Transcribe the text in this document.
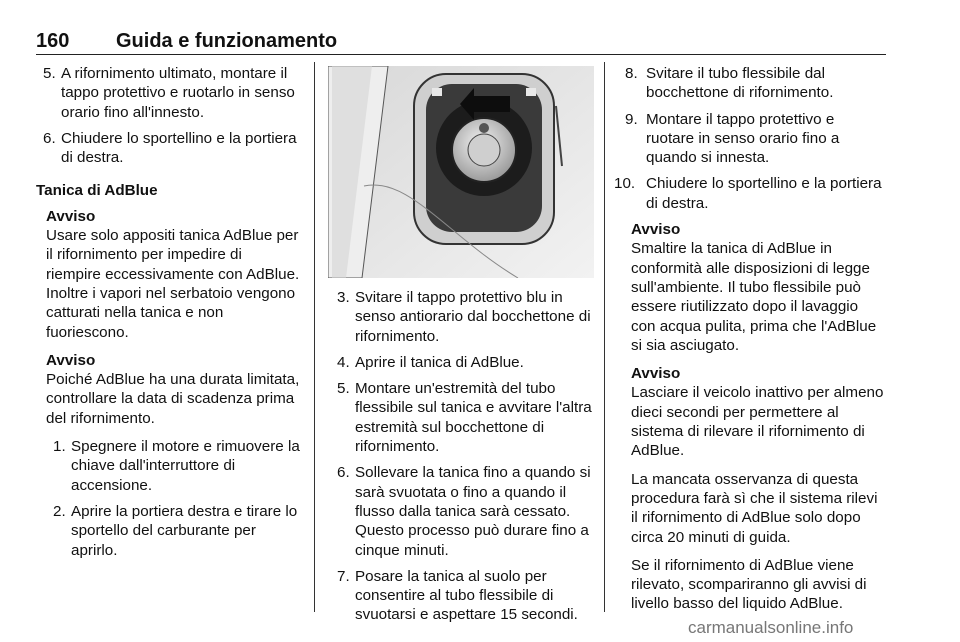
160 Guida e funzionamento
5. A rifornimento ultimato, montare il tappo protettivo e ruotarlo in senso orario fino all'innesto.
6. Chiudere lo sportellino e la portiera di destra.
Tanica di AdBlue
Avviso
Usare solo appositi tanica AdBlue per il rifornimento per impedire di riempire eccessivamente con AdBlue. Inoltre i vapori nel serbatoio vengono catturati nella tanica e non fuoriescono.
Avviso
Poiché AdBlue ha una durata limitata, controllare la data di scadenza prima del rifornimento.
1. Spegnere il motore e rimuovere la chiave dall'interruttore di accensione.
2. Aprire la portiera destra e tirare lo sportello del carburante per aprirlo.
3. Svitare il tappo protettivo blu in senso antiorario dal bocchettone di rifornimento.
4. Aprire il tanica di AdBlue.
5. Montare un'estremità del tubo flessibile sul tanica e avvitare l'altra estremità sul bocchettone di rifornimento.
6. Sollevare la tanica fino a quando si sarà svuotata o fino a quando il flusso dalla tanica sarà cessato. Questo processo può durare fino a cinque minuti.
7. Posare la tanica al suolo per consentire al tubo flessibile di svuotarsi e aspettare 15 secondi.
8. Svitare il tubo flessibile dal bocchettone di rifornimento.
9. Montare il tappo protettivo e ruotare in senso orario fino a quando si innesta.
10. Chiudere lo sportellino e la portiera di destra.
Avviso
Smaltire la tanica di AdBlue in conformità alle disposizioni di legge sull'ambiente. Il tubo flessibile può essere riutilizzato dopo il lavaggio con acqua pulita, prima che l'AdBlue si sia asciugato.
Avviso
Lasciare il veicolo inattivo per almeno dieci secondi per permettere al sistema di rilevare il rifornimento di AdBlue.
La mancata osservanza di questa procedura farà sì che il sistema rilevi il rifornimento di AdBlue solo dopo circa 20 minuti di guida.
Se il rifornimento di AdBlue viene rilevato, scompariranno gli avvisi di livello basso del liquido AdBlue.
carmanualsonline.info
